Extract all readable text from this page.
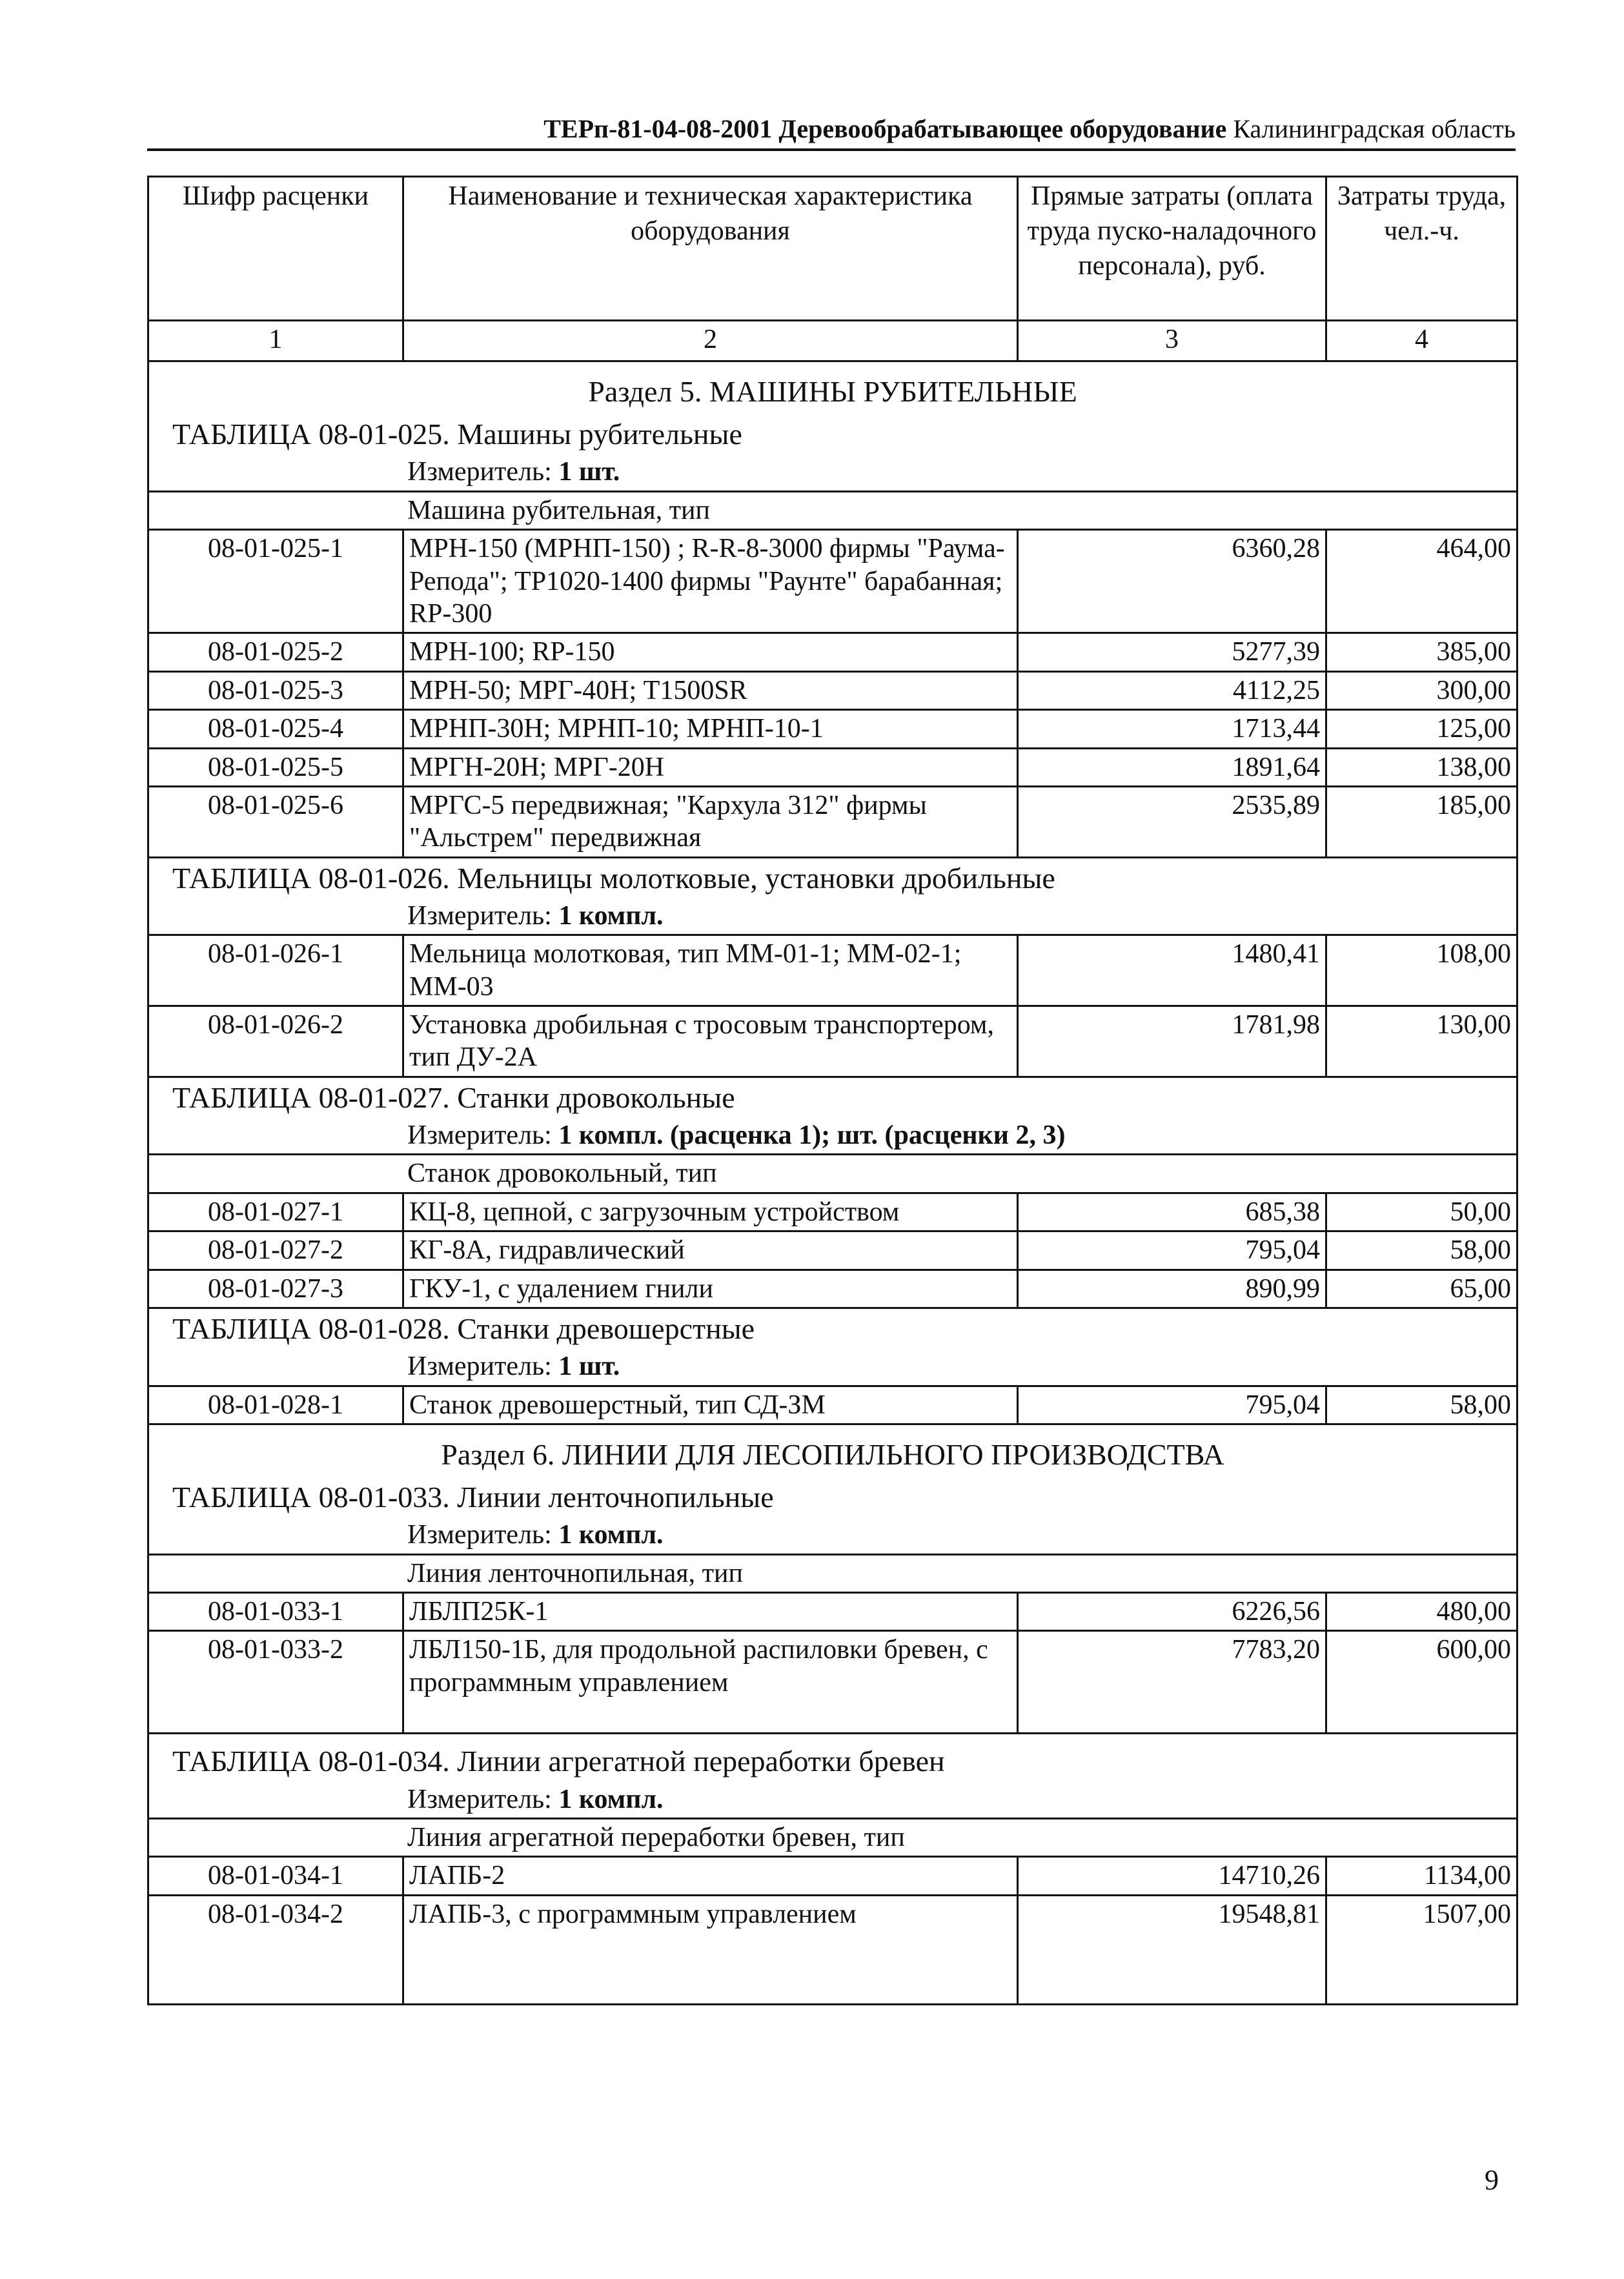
ТЕРп-81-04-08-2001 Деревообрабатывающее оборудование Калининградская область
Шифр расценки	Наименование и техническая характеристика оборудования	Прямые затраты (оплата труда пуско-наладочного персонала), руб.	Затраты труда, чел.-ч.
1	2	3	4
Раздел 5. МАШИНЫ РУБИТЕЛЬНЫЕ			
ТАБЛИЦА 08-01-025. Машины рубительные			
Измеритель: 1 шт.			
Машина рубительная, тип			
08-01-025-1	МРН-150 (МРНП-150) ; R-R-8-3000 фирмы "Раума-Репода"; ТР1020-1400 фирмы "Раунте" барабанная; RP-300	6360,28	464,00
08-01-025-2	МРН-100; RP-150	5277,39	385,00
08-01-025-3	МРН-50; МРГ-40Н; Т1500SR	4112,25	300,00
08-01-025-4	МРНП-30Н; МРНП-10; МРНП-10-1	1713,44	125,00
08-01-025-5	МРГН-20Н; МРГ-20Н	1891,64	138,00
08-01-025-6	МРГС-5 передвижная; "Кархула 312" фирмы "Альстрем" передвижная	2535,89	185,00
ТАБЛИЦА 08-01-026. Мельницы молотковые, установки дробильные			
Измеритель: 1 компл.			
08-01-026-1	Мельница молотковая, тип ММ-01-1; ММ-02-1; ММ-03	1480,41	108,00
08-01-026-2	Установка дробильная с тросовым транспортером, тип ДУ-2А	1781,98	130,00
ТАБЛИЦА 08-01-027. Станки дровокольные			
Измеритель: 1 компл. (расценка 1); шт. (расценки 2, 3)			
Станок дровокольный, тип			
08-01-027-1	КЦ-8, цепной, с загрузочным устройством	685,38	50,00
08-01-027-2	КГ-8А, гидравлический	795,04	58,00
08-01-027-3	ГКУ-1, с удалением гнили	890,99	65,00
ТАБЛИЦА 08-01-028. Станки древошерстные			
Измеритель: 1 шт.			
08-01-028-1	Станок древошерстный, тип СД-ЗМ	795,04	58,00
Раздел 6. ЛИНИИ ДЛЯ ЛЕСОПИЛЬНОГО ПРОИЗВОДСТВА			
ТАБЛИЦА 08-01-033. Линии ленточнопильные			
Измеритель: 1 компл.			
Линия ленточнопильная, тип			
08-01-033-1	ЛБЛП25К-1	6226,56	480,00
08-01-033-2	ЛБЛ150-1Б, для продольной распиловки бревен, с программным управлением	7783,20	600,00
ТАБЛИЦА 08-01-034. Линии агрегатной переработки бревен			
Измеритель: 1 компл.			
Линия агрегатной переработки бревен, тип			
08-01-034-1	ЛАПБ-2	14710,26	1134,00
08-01-034-2	ЛАПБ-3, с программным управлением	19548,81	1507,00
9
